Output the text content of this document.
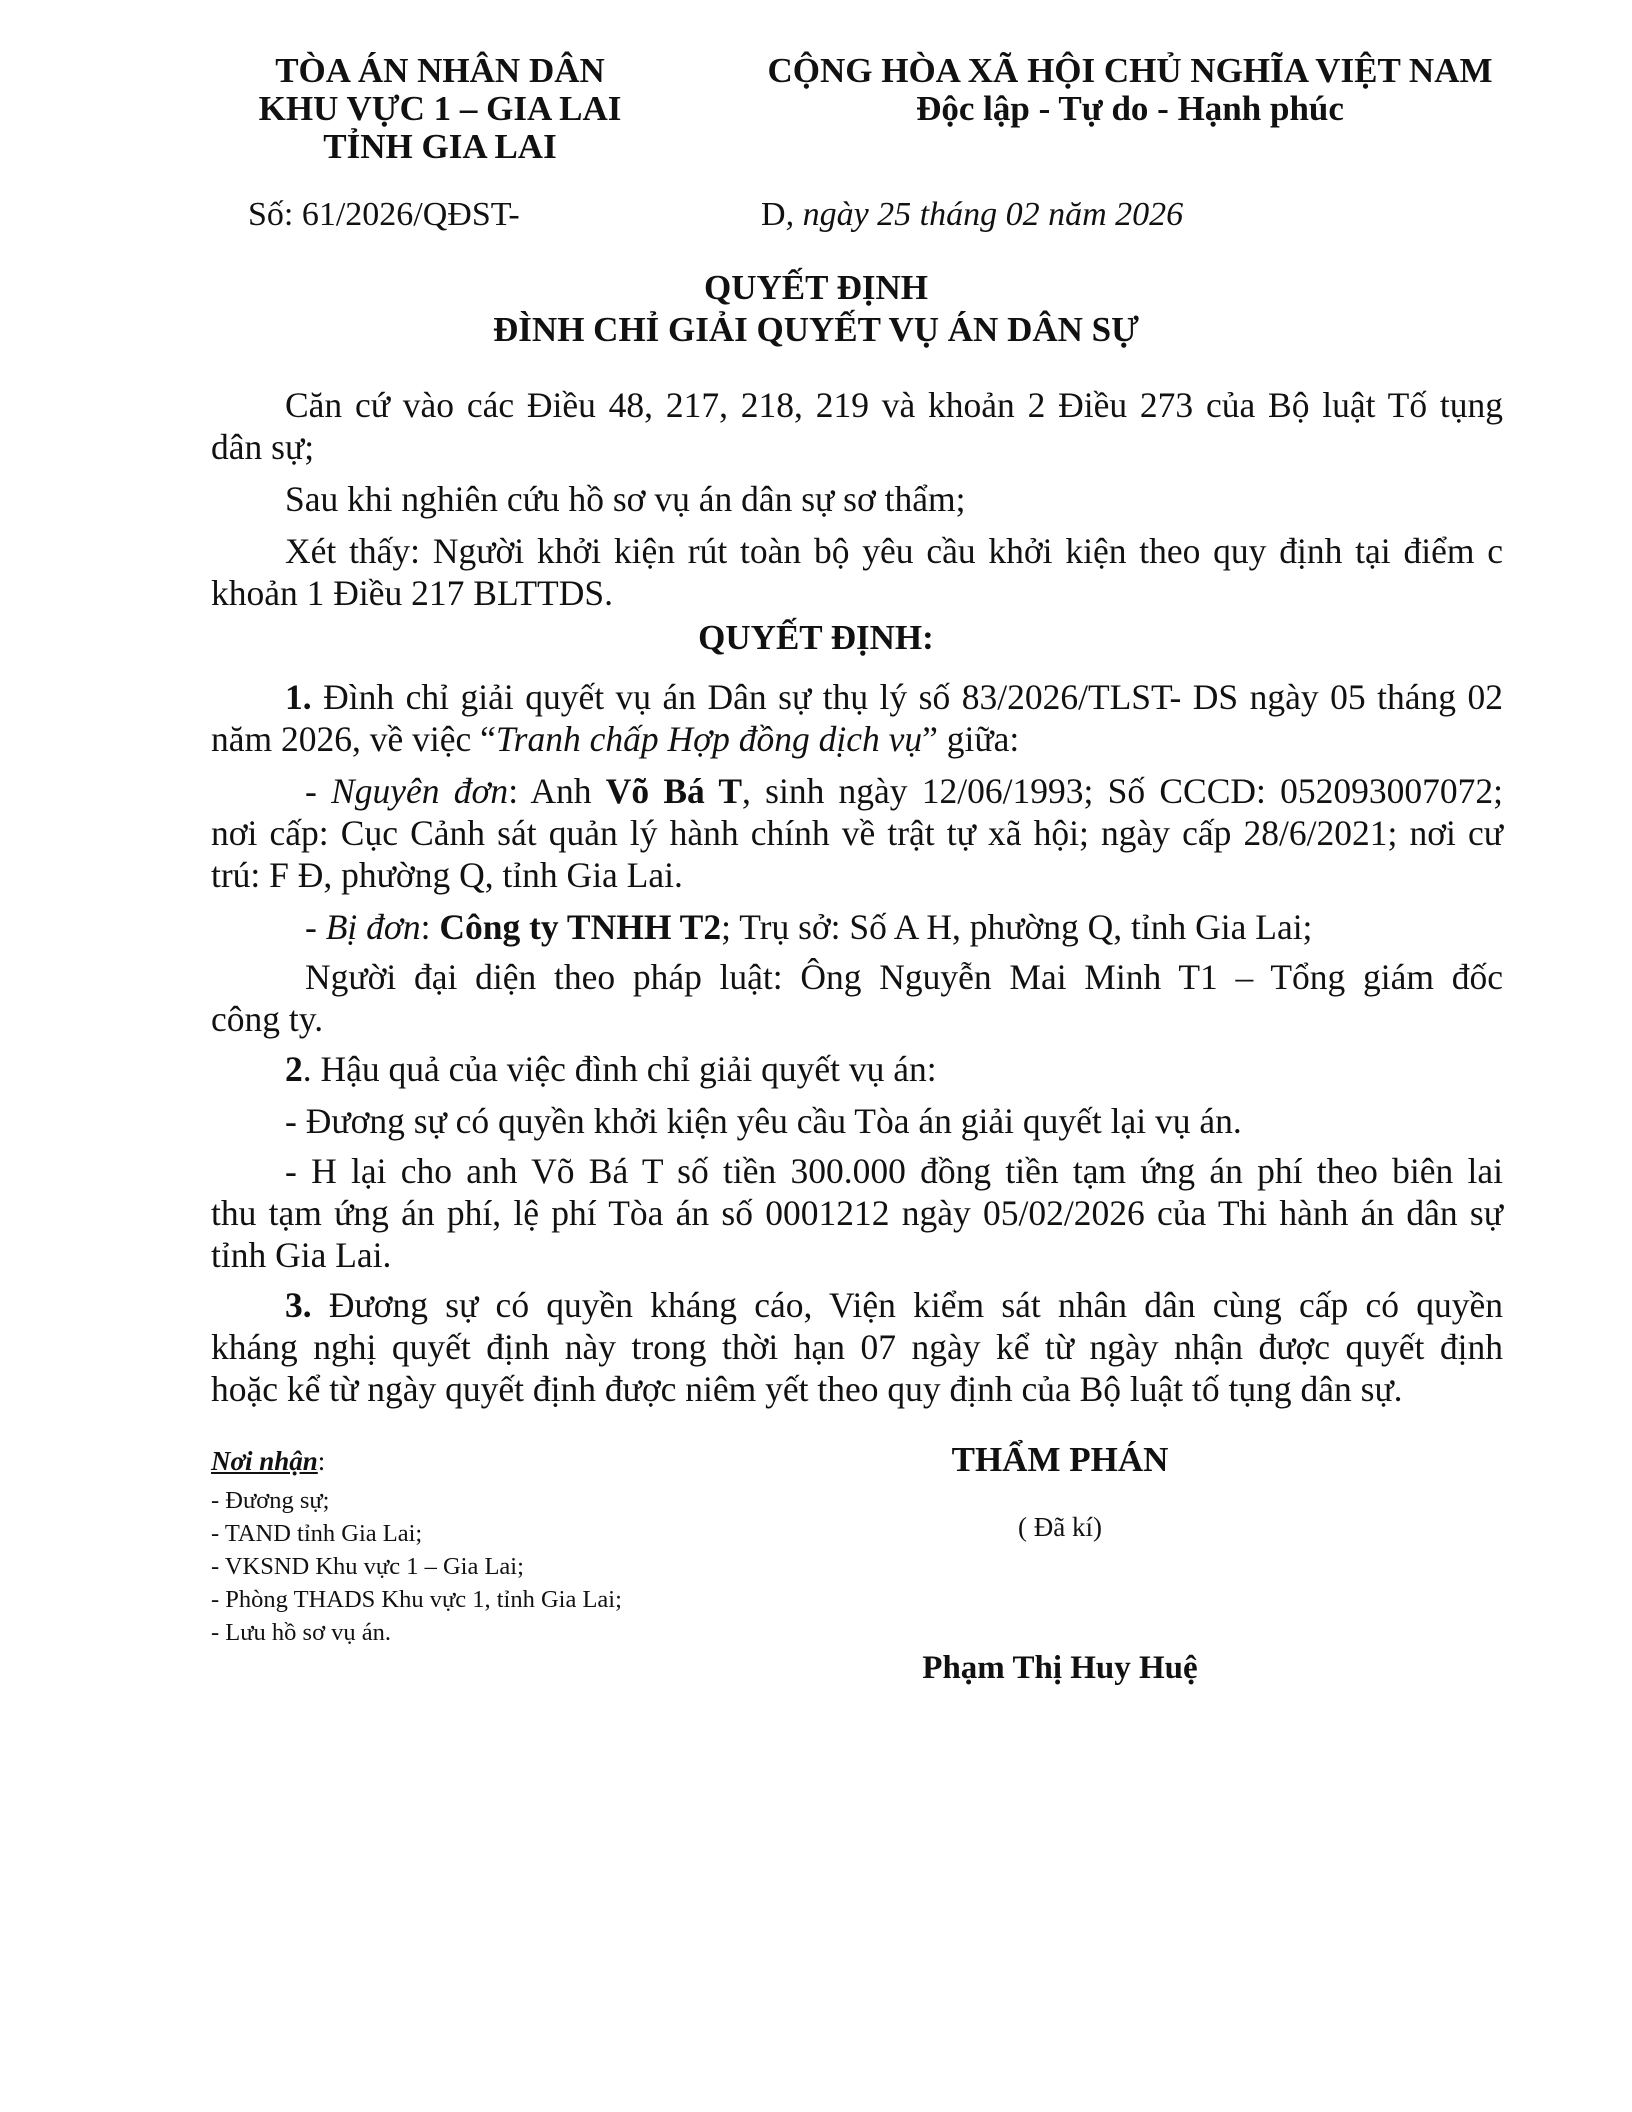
TÒA ÁN NHÂN DÂN
KHU VỰC 1 – GIA LAI
TỈNH GIA LAI
CỘNG HÒA XÃ HỘI CHỦ NGHĨA VIỆT NAM
Độc lập - Tự do - Hạnh phúc
Số: 61/2026/QĐST-	D, ngày 25 tháng 02 năm 2026
QUYẾT ĐỊNH
ĐÌNH CHỈ GIẢI QUYẾT VỤ ÁN DÂN SỰ
Căn cứ vào các Điều 48, 217, 218, 219 và khoản 2 Điều 273 của Bộ luật Tố tụng
dân sự;
Sau khi nghiên cứu hồ sơ vụ án dân sự sơ thẩm;
Xét thấy: Người khởi kiện rút toàn bộ yêu cầu khởi kiện theo quy định tại điểm c
khoản 1 Điều 217 BLTTDS.
QUYẾT ĐỊNH:
1. Đình chỉ giải quyết vụ án Dân sự thụ lý số 83/2026/TLST- DS ngày 05 tháng 02
năm 2026, về việc “Tranh chấp Hợp đồng dịch vụ” giữa:
- Nguyên đơn: Anh Võ Bá T, sinh ngày 12/06/1993; Số CCCD: 052093007072;
nơi cấp: Cục Cảnh sát quản lý hành chính về trật tự xã hội; ngày cấp 28/6/2021; nơi cư
trú: F Đ, phường Q, tỉnh Gia Lai.
- Bị đơn: Công ty TNHH T2; Trụ sở: Số A H, phường Q, tỉnh Gia Lai;
Người đại diện theo pháp luật: Ông Nguyễn Mai Minh T1 – Tổng giám đốc
công ty.
2. Hậu quả của việc đình chỉ giải quyết vụ án:
- Đương sự có quyền khởi kiện yêu cầu Tòa án giải quyết lại vụ án.
- H lại cho anh Võ Bá T số tiền 300.000 đồng tiền tạm ứng án phí theo biên lai
thu tạm ứng án phí, lệ phí Tòa án số 0001212 ngày 05/02/2026 của Thi hành án dân sự
tỉnh Gia Lai.
3. Đương sự có quyền kháng cáo, Viện kiểm sát nhân dân cùng cấp có quyền
kháng nghị quyết định này trong thời hạn 07 ngày kể từ ngày nhận được quyết định
hoặc kể từ ngày quyết định được niêm yết theo quy định của Bộ luật tố tụng dân sự.
Nơi nhận:
- Đương sự;
- TAND tỉnh Gia Lai;
- VKSND Khu vực 1 – Gia Lai;
- Phòng THADS Khu vực 1, tỉnh Gia Lai;
- Lưu hồ sơ vụ án.
THẨM PHÁN
( Đã kí)
Phạm Thị Huy Huệ
